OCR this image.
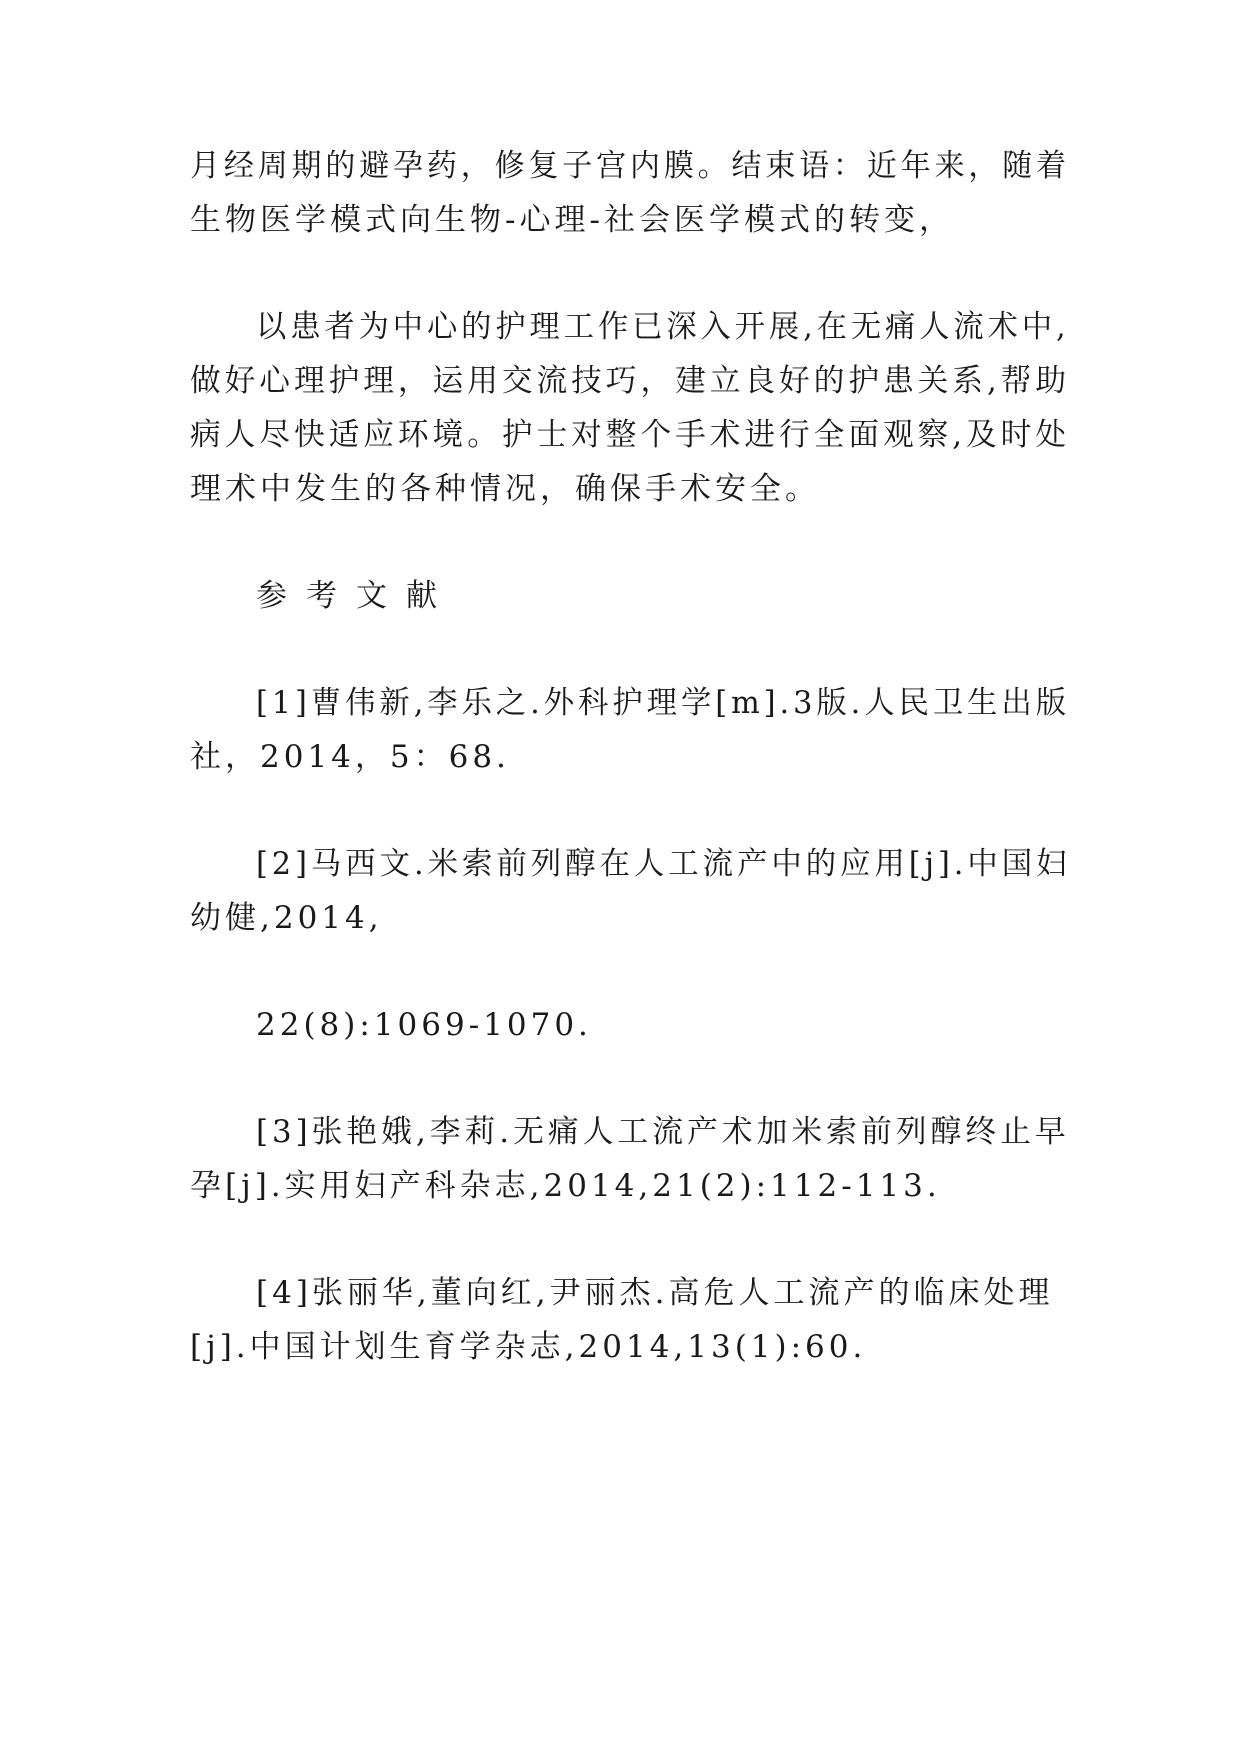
月经周期的避孕药，修复子宫内膜。结束语：近年来，随着
生物医学模式向生物-心理-社会医学模式的转变，
以患者为中心的护理工作已深入开展,在无痛人流术中,
做好心理护理，运用交流技巧，建立良好的护患关系,帮助
病人尽快适应环境。护士对整个手术进行全面观察,及时处
理术中发生的各种情况，确保手术安全。
参考文献
[1]曹伟新,李乐之.外科护理学[m].3版.人民卫生出版
社，2014，5：68.
[2]马西文.米索前列醇在人工流产中的应用[j].中国妇
幼健,2014,
22(8):1069-1070.
[3]张艳娥,李莉.无痛人工流产术加米索前列醇终止早
孕[j].实用妇产科杂志,2014,21(2):112-113.
[4]张丽华,董向红,尹丽杰.高危人工流产的临床处理
[j].中国计划生育学杂志,2014,13(1):60.
